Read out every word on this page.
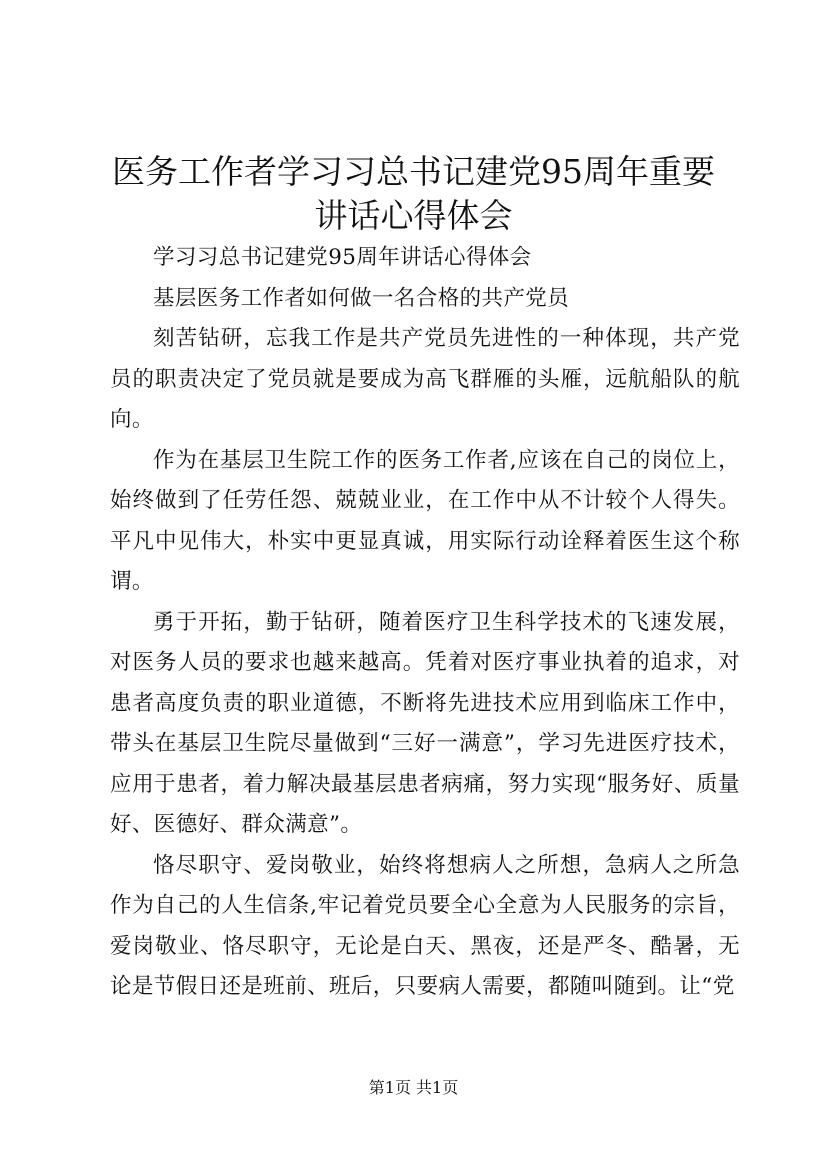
医务工作者学习习总书记建党95周年重要讲话心得体会

学习习总书记建党95周年讲话心得体会

基层医务工作者如何做一名合格的共产党员

刻苦钻研，忘我工作是共产党员先进性的一种体现，共产党员的职责决定了党员就是要成为高飞群雁的头雁，远航船队的航向。

作为在基层卫生院工作的医务工作者,应该在自己的岗位上，始终做到了任劳任怨、兢兢业业，在工作中从不计较个人得失。平凡中见伟大，朴实中更显真诚，用实际行动诠释着医生这个称谓。

勇于开拓，勤于钻研，随着医疗卫生科学技术的飞速发展，对医务人员的要求也越来越高。凭着对医疗事业执着的追求，对患者高度负责的职业道德，不断将先进技术应用到临床工作中，带头在基层卫生院尽量做到“三好一满意”，学习先进医疗技术，应用于患者，着力解决最基层患者病痛，努力实现“服务好、质量好、医德好、群众满意”。

恪尽职守、爱岗敬业，始终将想病人之所想，急病人之所急作为自己的人生信条,牢记着党员要全心全意为人民服务的宗旨，爱岗敬业、恪尽职守，无论是白天、黑夜，还是严冬、酷暑，无论是节假日还是班前、班后，只要病人需要，都随叫随到。让“党

第1页 共1页
